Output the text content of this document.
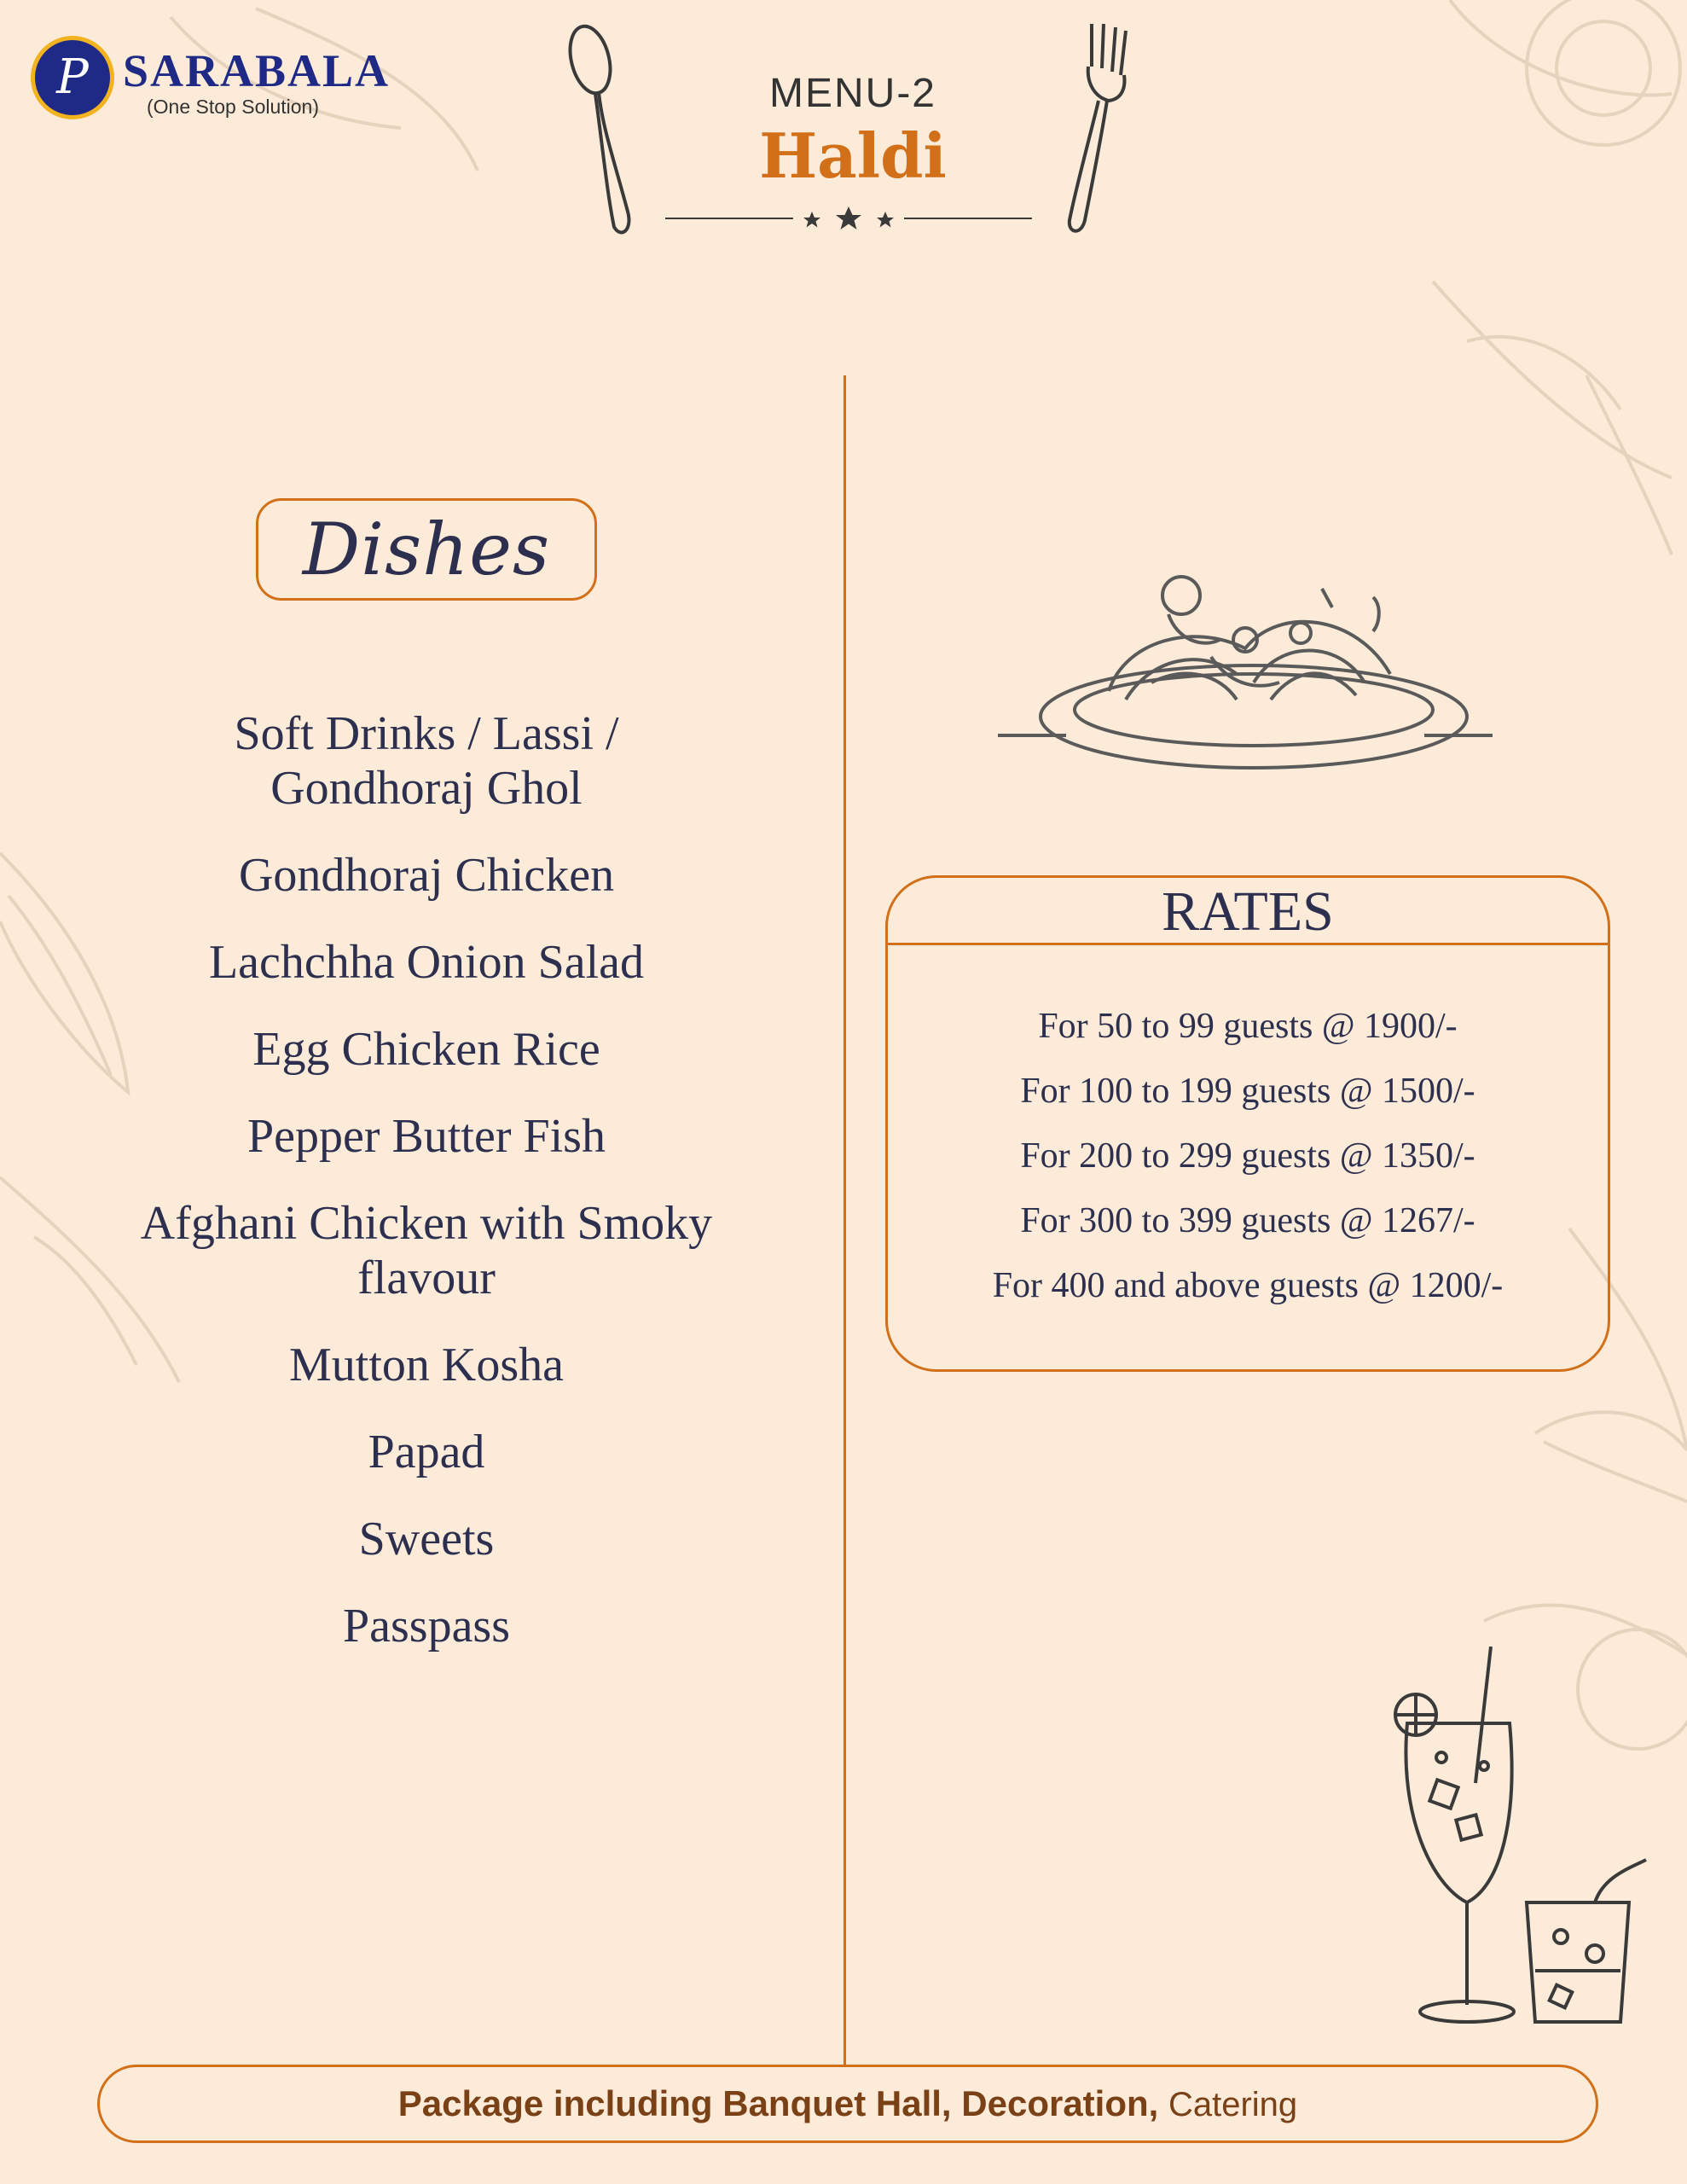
P SARABALA
(One Stop Solution)	MENU-2
Haldi
Dishes
Soft Drinks / Lassi / Gondhoraj Ghol
Gondhoraj Chicken
Lachchha Onion Salad
Egg Chicken Rice
Pepper Butter Fish
Afghani Chicken with Smoky flavour
Mutton Kosha
Papad
Sweets
Passpass
RATES
For 50 to 99 guests @ 1900/-
For 100 to 199 guests @ 1500/-
For 200 to 299 guests @ 1350/-
For 300 to 399 guests @ 1267/-
For 400 and above guests @ 1200/-
Package including Banquet Hall, Decoration, Catering
